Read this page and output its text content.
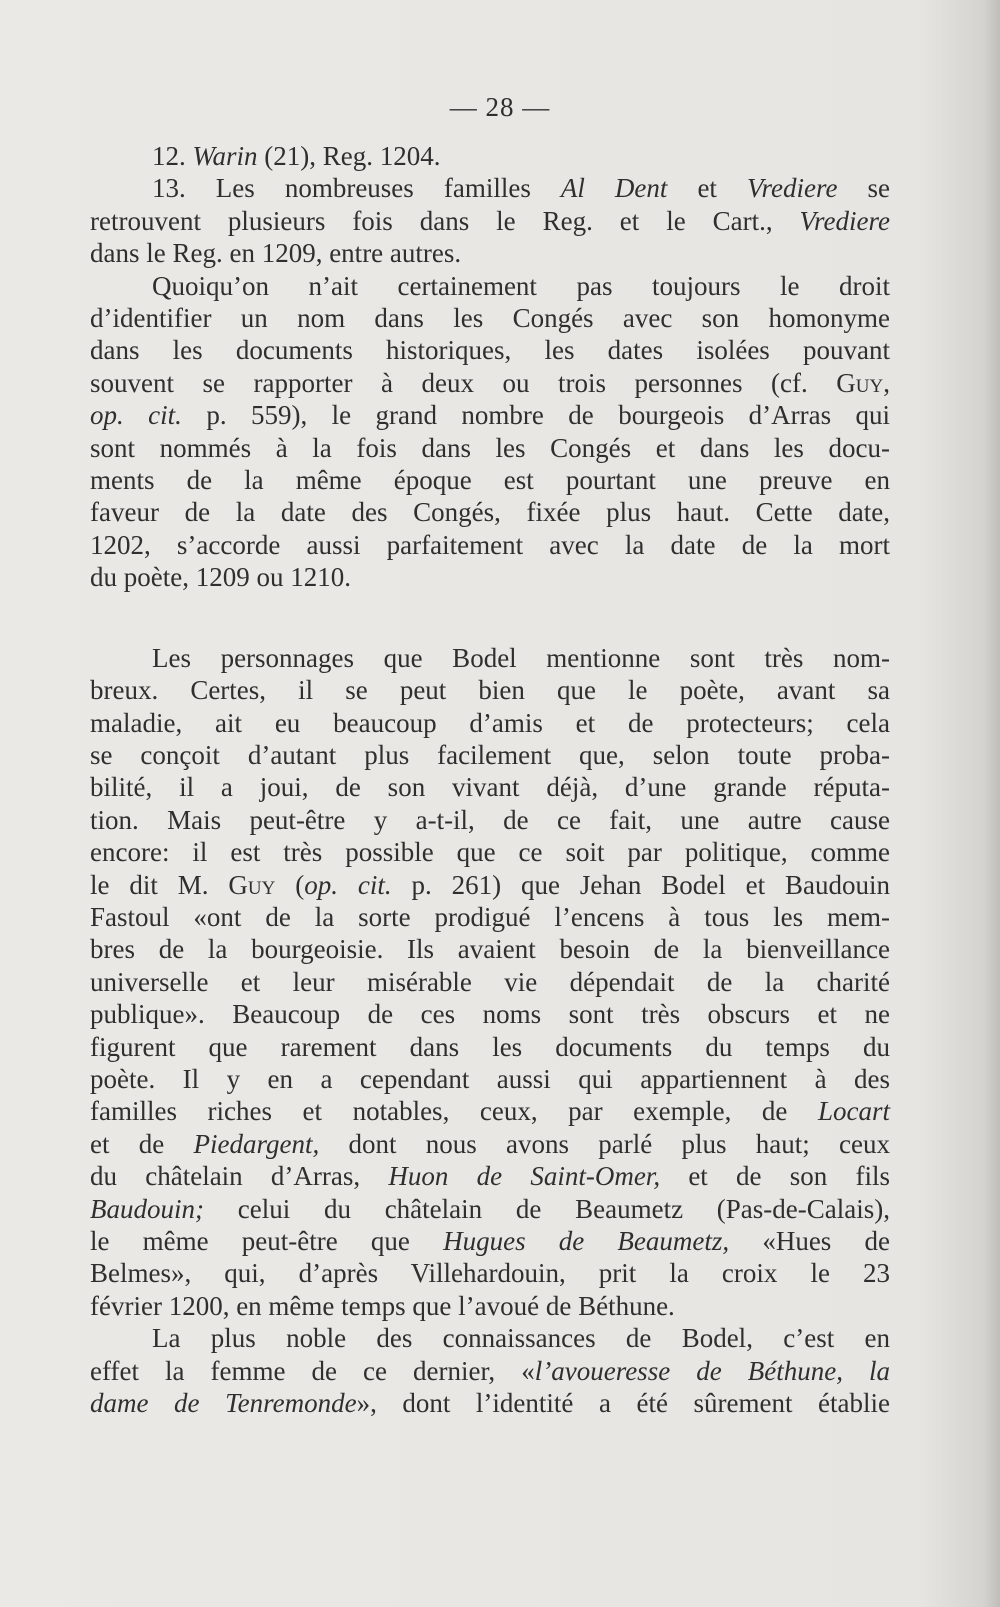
— 28 —
12. Warin (21), Reg. 1204.
13. Les nombreuses familles Al Dent et Vrediere se
retrouvent plusieurs fois dans le Reg. et le Cart., Vrediere
dans le Reg. en 1209, entre autres.
Quoiqu’on n’ait certainement pas toujours le droit
d’identifier un nom dans les Congés avec son homonyme
dans les documents historiques, les dates isolées pouvant
souvent se rapporter à deux ou trois personnes (cf. Guy,
op. cit. p. 559), le grand nombre de bourgeois d’Arras qui
sont nommés à la fois dans les Congés et dans les docu-
ments de la même époque est pourtant une preuve en
faveur de la date des Congés, fixée plus haut. Cette date,
1202, s’accorde aussi parfaitement avec la date de la mort
du poète, 1209 ou 1210.
Les personnages que Bodel mentionne sont très nom-
breux. Certes, il se peut bien que le poète, avant sa
maladie, ait eu beaucoup d’amis et de protecteurs; cela
se conçoit d’autant plus facilement que, selon toute proba-
bilité, il a joui, de son vivant déjà, d’une grande réputa-
tion. Mais peut-être y a-t-il, de ce fait, une autre cause
encore: il est très possible que ce soit par politique, comme
le dit M. Guy (op. cit. p. 261) que Jehan Bodel et Baudouin
Fastoul «ont de la sorte prodigué l’encens à tous les mem-
bres de la bourgeoisie. Ils avaient besoin de la bienveillance
universelle et leur misérable vie dépendait de la charité
publique». Beaucoup de ces noms sont très obscurs et ne
figurent que rarement dans les documents du temps du
poète. Il y en a cependant aussi qui appartiennent à des
familles riches et notables, ceux, par exemple, de Locart
et de Piedargent, dont nous avons parlé plus haut; ceux
du châtelain d’Arras, Huon de Saint-Omer, et de son fils
Baudouin; celui du châtelain de Beaumetz (Pas-de-Calais),
le même peut-être que Hugues de Beaumetz, «Hues de
Belmes», qui, d’après Villehardouin, prit la croix le 23
février 1200, en même temps que l’avoué de Béthune.
La plus noble des connaissances de Bodel, c’est en
effet la femme de ce dernier, «l’avoueresse de Béthune, la
dame de Tenremonde», dont l’identité a été sûrement établie
